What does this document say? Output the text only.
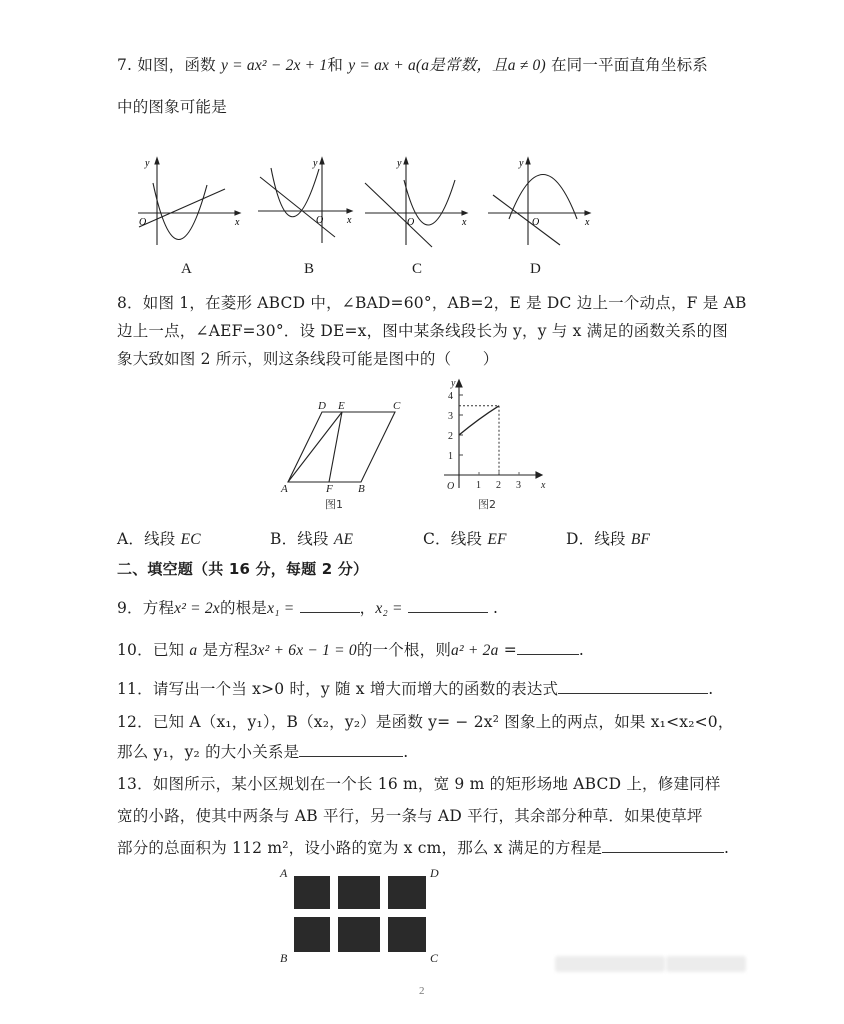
7. 如图，函数 y = ax² − 2x + 1和 y = ax + a(a是常数，且a ≠ 0) 在同一平面直角坐标系
中的图象可能是
O	x
y
A
O x
y
B
O	x
y
C
O	x
y
D
8．如图 1，在菱形 ABCD 中，∠BAD=60°，AB=2，E 是 DC 边上一个动点，F 是 AB
边上一点，∠AEF=30°．设 DE=x，图中某条线段长为 y，y 与 x 满足的函数关系的图
象大致如图 2 所示，则这条线段可能是图中的（　　）
D E	C
A	F B
图1
1 2 3
1
2
3
4
O	x
y
图2
A．线段 EC	B．线段 AE	C．线段 EF	D．线段 BF
二、填空题（共 16 分，每题 2 分）
9．方程x² = 2x的根是x₁ =	，x₂ =	.
10．已知 a 是方程3x² + 6x − 1 = 0的一个根，则a² + 2a =	.
11．请写出一个当 x>0 时，y 随 x 增大而增大的函数的表达式	.
12．已知 A（x₁，y₁），B（x₂，y₂）是函数 y= − 2x² 图象上的两点，如果 x₁<x₂<0，
那么 y₁，y₂ 的大小关系是	.
13．如图所示，某小区规划在一个长 16 m，宽 9 m 的矩形场地 ABCD 上，修建同样
宽的小路，使其中两条与 AB 平行，另一条与 AD 平行，其余部分种草．如果使草坪
部分的总面积为 112 m²，设小路的宽为 x cm，那么 x 满足的方程是	.
A	D
B	C
2
